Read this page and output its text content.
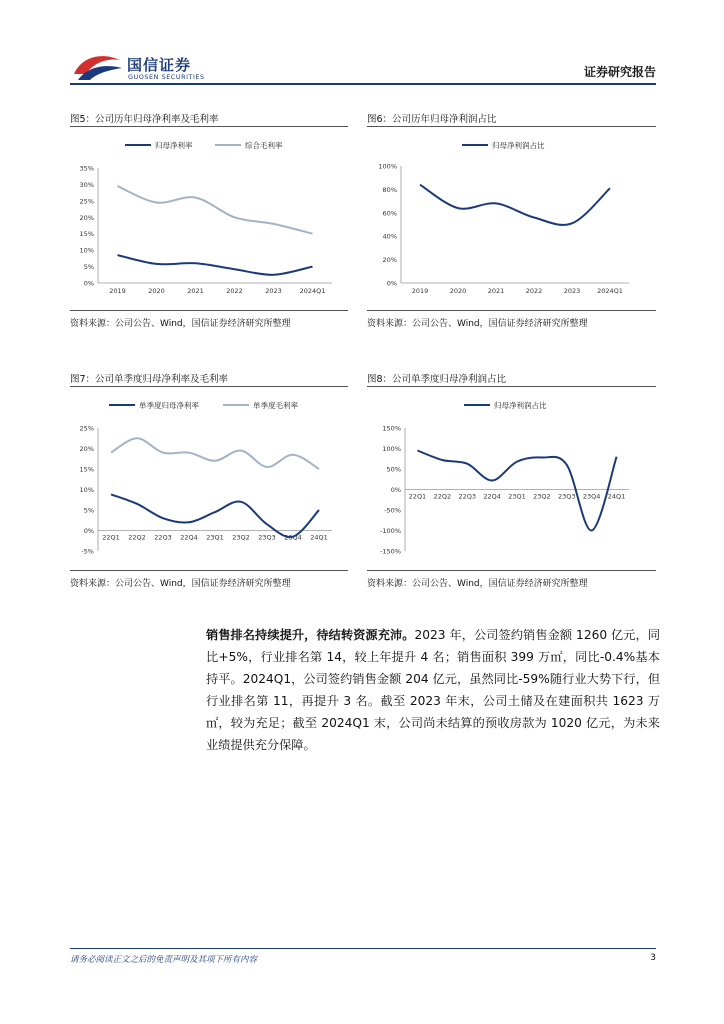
国信证券
GUOSEN SECURITIES	证券研究报告
图5：公司历年归母净利率及毛利率
归母净利率	综合毛利率
0%
5%
10%
15%
20%
25%
30%
35%
2019	2020	2021	2022	2023	2024Q1
资料来源：公司公告、Wind，国信证券经济研究所整理
图6：公司历年归母净利润占比
归母净利润占比
0%
20%
40%
60%
80%
100%
2019	2020	2021	2022	2023	2024Q1
资料来源：公司公告、Wind，国信证券经济研究所整理
图7：公司单季度归母净利率及毛利率
单季度归母净利率	单季度毛利率
-5%
0%
5%
10%
15%
20%
25%
22Q1 22Q2 22Q3 22Q4 23Q1 23Q2 23Q3 23Q4 24Q1
资料来源：公司公告、Wind，国信证券经济研究所整理
图8：公司单季度归母净利润占比
归母净利润占比
-150%
-100%
-50%
0%
50%
100%
150%
22Q1 22Q2 22Q3 22Q4 23Q1 23Q2 23Q3 23Q4 24Q1
资料来源：公司公告、Wind，国信证券经济研究所整理
销售排名持续提升，待结转资源充沛。2023 年，公司签约销售金额 1260 亿元，同比+5%，行业排名第 14，较上年提升 4 名；销售面积 399 万㎡，同比-0.4%基本持平。2024Q1，公司签约销售金额 204 亿元，虽然同比-59%随行业大势下行，但行业排名第 11，再提升 3 名。截至 2023 年末，公司土储及在建面积共 1623 万㎡，较为充足；截至 2024Q1 末，公司尚未结算的预收房款为 1020 亿元，为未来业绩提供充分保障。
请务必阅读正文之后的免责声明及其项下所有内容	3
